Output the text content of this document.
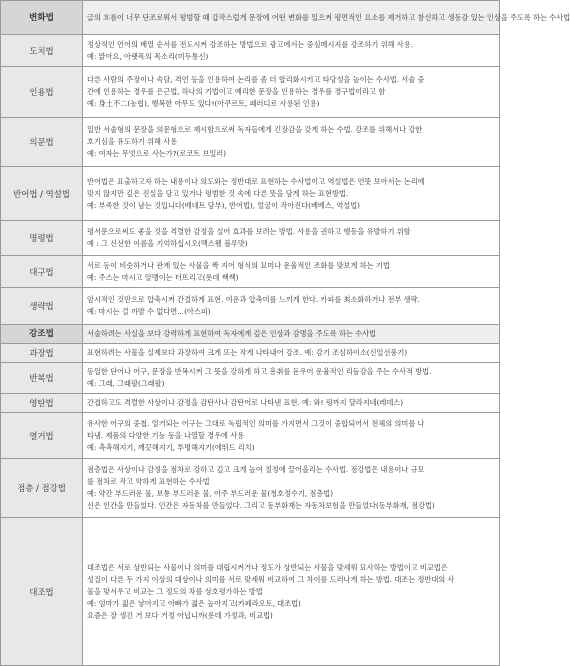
변화법	글의 흐름이 너무 단조로워서 평범할 때 갑작스럽게 문장에 어떤 변화를 일으켜 평면적인 요소를 제거하고 참신하고 생동감 있는 인상을 주도록 하는 수사법

도치법	정상적인 언어의 배열 순서를 전도시켜 강조하는 방법으로 광고에서는 중심메시지를 강조하기 위해 사용.
예: 맑아요, 아랫목의 목소리(미두통신)

인용법	다른 사람의 주장이나 속담, 격언 등을 인용하여 논리를 좀 더 합리화시키고 타당성을 높이는 수사법. 서술 중
간에 인용하는 경우를 은근법, 하나의 기법이고 예리한 문장을 인용하는 경우를 경구법이라고 함
예: 身土不二(농협), 행복한 아무도 있다!(아쿠르트, 패러디로 사용된 인용)

의문법	일반 서술형의 문장을 의문형으로 제시함으로써 독자들에게 긴장감을 갖게 하는 수법. 강조를 위해서나 강한
호기심을 유도하기 위해 사용
예: 여자는 무엇으로 사는가?(로코트 브일러)

반어법 / 역설법	반어법은 표출하고자 하는 내용이나 의도와는 정반대로 표현하는 수사법이고 역설법은 언뜻 보아서는 논리에
맞지 않지만 깊은 진실을 담고 있거나 평범한 것 속에 다른 뜻을 담게 하는 표현방법.
예: 부족한 것이 남는 것입니다(베네트 담부), 반어법), 얼굴이 작아진다(베베스, 역설법)

명령법	평서문으로써도 좋을 것을 격렬한 감정을 실어 효과를 보려는 방법. 사용을 권하고 행동을 유발하기 위함
예 : 그 신선한 이름을 기억하십시오(맥스웰 블루맛)

대구법	서로 등이 비슷하거나 관계 있는 사물을 짝 지어 형식의 묘미나 운율적인 조화를 맞보게 하는 기법
예: 주스는 마시고 알맹이는 터뜨리고(롯데 쌕쌕)

생략법	암시적인 것만으로 압축시켜 간결하게 표현. 여운과 압축미를 느끼게 한다. 카피를 최소화하거나 전부 생략.
예: 마시는 걸 까발 수 없다면...(아스피)

강조법	서술하려는 사실을 보다 강력하게 표현하여 독자에게 깊은 인상과 감명을 주도록 하는 수사법

과장법	표현하려는 사물을 실제보다 과장하여 크게 또는 작게 나타내어 강조. 예: 감기 조심하이소(신일선풍기)

반복법	동일한 단어나 어구, 문장을 반복시켜 그 뜻을 강하게 하고 흥취를 돋우어 운율적인 리듬감을 주는 수사적 방법.
예: 그래, 그래팔(그래팔)

영탄법	간접하고도 격렬한 사상이나 감정을 감탄사나 감탄어로 나타낸 표현. 예: 와! 펑까지 달라지네(레데스)

열거법	유사한 어구의 중첩. 열거되는 어구는 그대로 독립적인 의미를 가지면서 그것이 중합되어서 전체의 의미를 나
타냄. 제품의 다양한 기능 등을 나열할 경우에 사용
예: 촉촉해지기, 깨끗해지기, 투명해지기(에뛰드 리치)

점층 / 점강법	점층법은 사상이나 감정을 점차로 강하고 깊고 크게 높여 절정에 끌어올리는 수사법. 점강법은 내용이나 규모
를 점차로 작고 약하게 표현하는 수사법
예: 약간 부드러운 물, 보통 부드러운 물, 아주 부드러운 물(청호정수기, 점층법)
신은 인간을 만들었다. 인간은 자동차를 만들었다. 그리고 동부화재는 자동차보험을 만들었다(동부화재, 점강법)

대조법	대조법은 서로 상반되는 사물이나 의미를 대립시켜거나 정도가 상반되는 사물을 맞세워 묘사하는 방법이고 비교법은
성질이 다른 두 가지 이상의 대상이나 의미를 서로 맞세워 비교하여 그 차이를 드러나게 하는 방법. 대조는 정반대의 사
물을 맞서우고 비교는 그 정도의 차를 상호평가하는 방법
예: 엄마가 젊은 낳아지고 아빠가 젊은 높아지고(카페라오토, 대조법)
요즘은 잘 생긴 거 보다 거정 아닙니까(롯데 가정과, 비교법)
